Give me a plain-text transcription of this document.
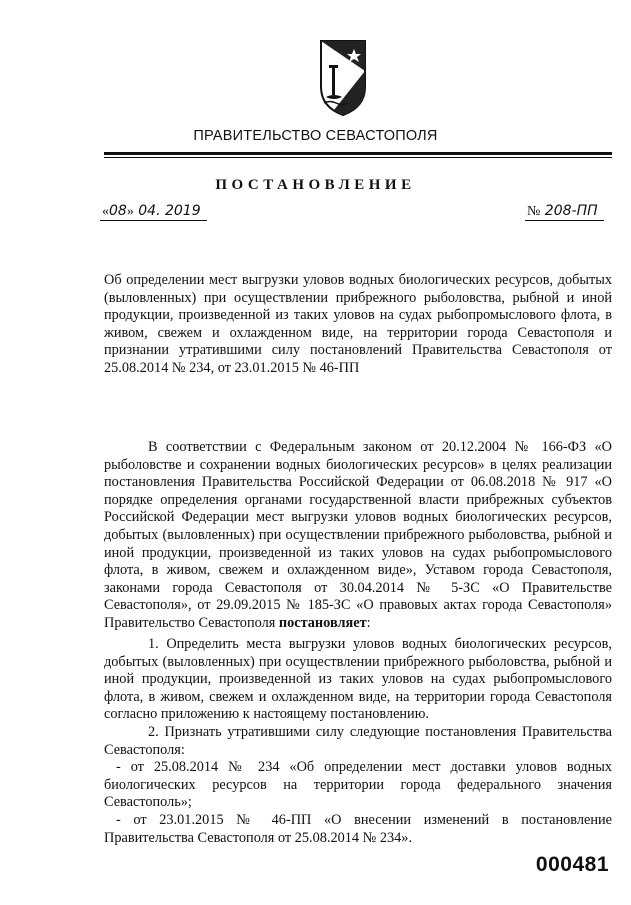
ПРАВИТЕЛЬСТВО СЕВАСТОПОЛЯ
ПОСТАНОВЛЕНИЕ
«08» 04. 2019	№ 208-ПП

Об определении мест выгрузки уловов водных биологических ресурсов, добытых (выловленных) при осуществлении прибрежного рыболовства, рыбной и иной продукции, произведенной из таких уловов на судах рыбопромыслового флота, в живом, свежем и охлажденном виде, на территории города Севастополя и признании утратившими силу постановлений Правительства Севастополя от 25.08.2014 № 234, от 23.01.2015 № 46-ПП

В соответствии с Федеральным законом от 20.12.2004 № 166-ФЗ «О рыболовстве и сохранении водных биологических ресурсов» в целях реализации постановления Правительства Российской Федерации от 06.08.2018 № 917 «О порядке определения органами государственной власти прибрежных субъектов Российской Федерации мест выгрузки уловов водных биологических ресурсов, добытых (выловленных) при осуществлении прибрежного рыболовства, рыбной и иной продукции, произведенной из таких уловов на судах рыбопромыслового флота, в живом, свежем и охлажденном виде», Уставом города Севастополя, законами города Севастополя от 30.04.2014 № 5-ЗС «О Правительстве Севастополя», от 29.09.2015 № 185-ЗС «О правовых актах города Севастополя» Правительство Севастополя постановляет:

1. Определить места выгрузки уловов водных биологических ресурсов, добытых (выловленных) при осуществлении прибрежного рыболовства, рыбной и иной продукции, произведенной из таких уловов на судах рыбопромыслового флота, в живом, свежем и охлажденном виде, на территории города Севастополя согласно приложению к настоящему постановлению.

2. Признать утратившими силу следующие постановления Правительства Севастополя:

- от 25.08.2014 № 234 «Об определении мест доставки уловов водных биологических ресурсов на территории города федерального значения Севастополь»;

- от 23.01.2015 № 46-ПП «О внесении изменений в постановление Правительства Севастополя от 25.08.2014 № 234».

000481
